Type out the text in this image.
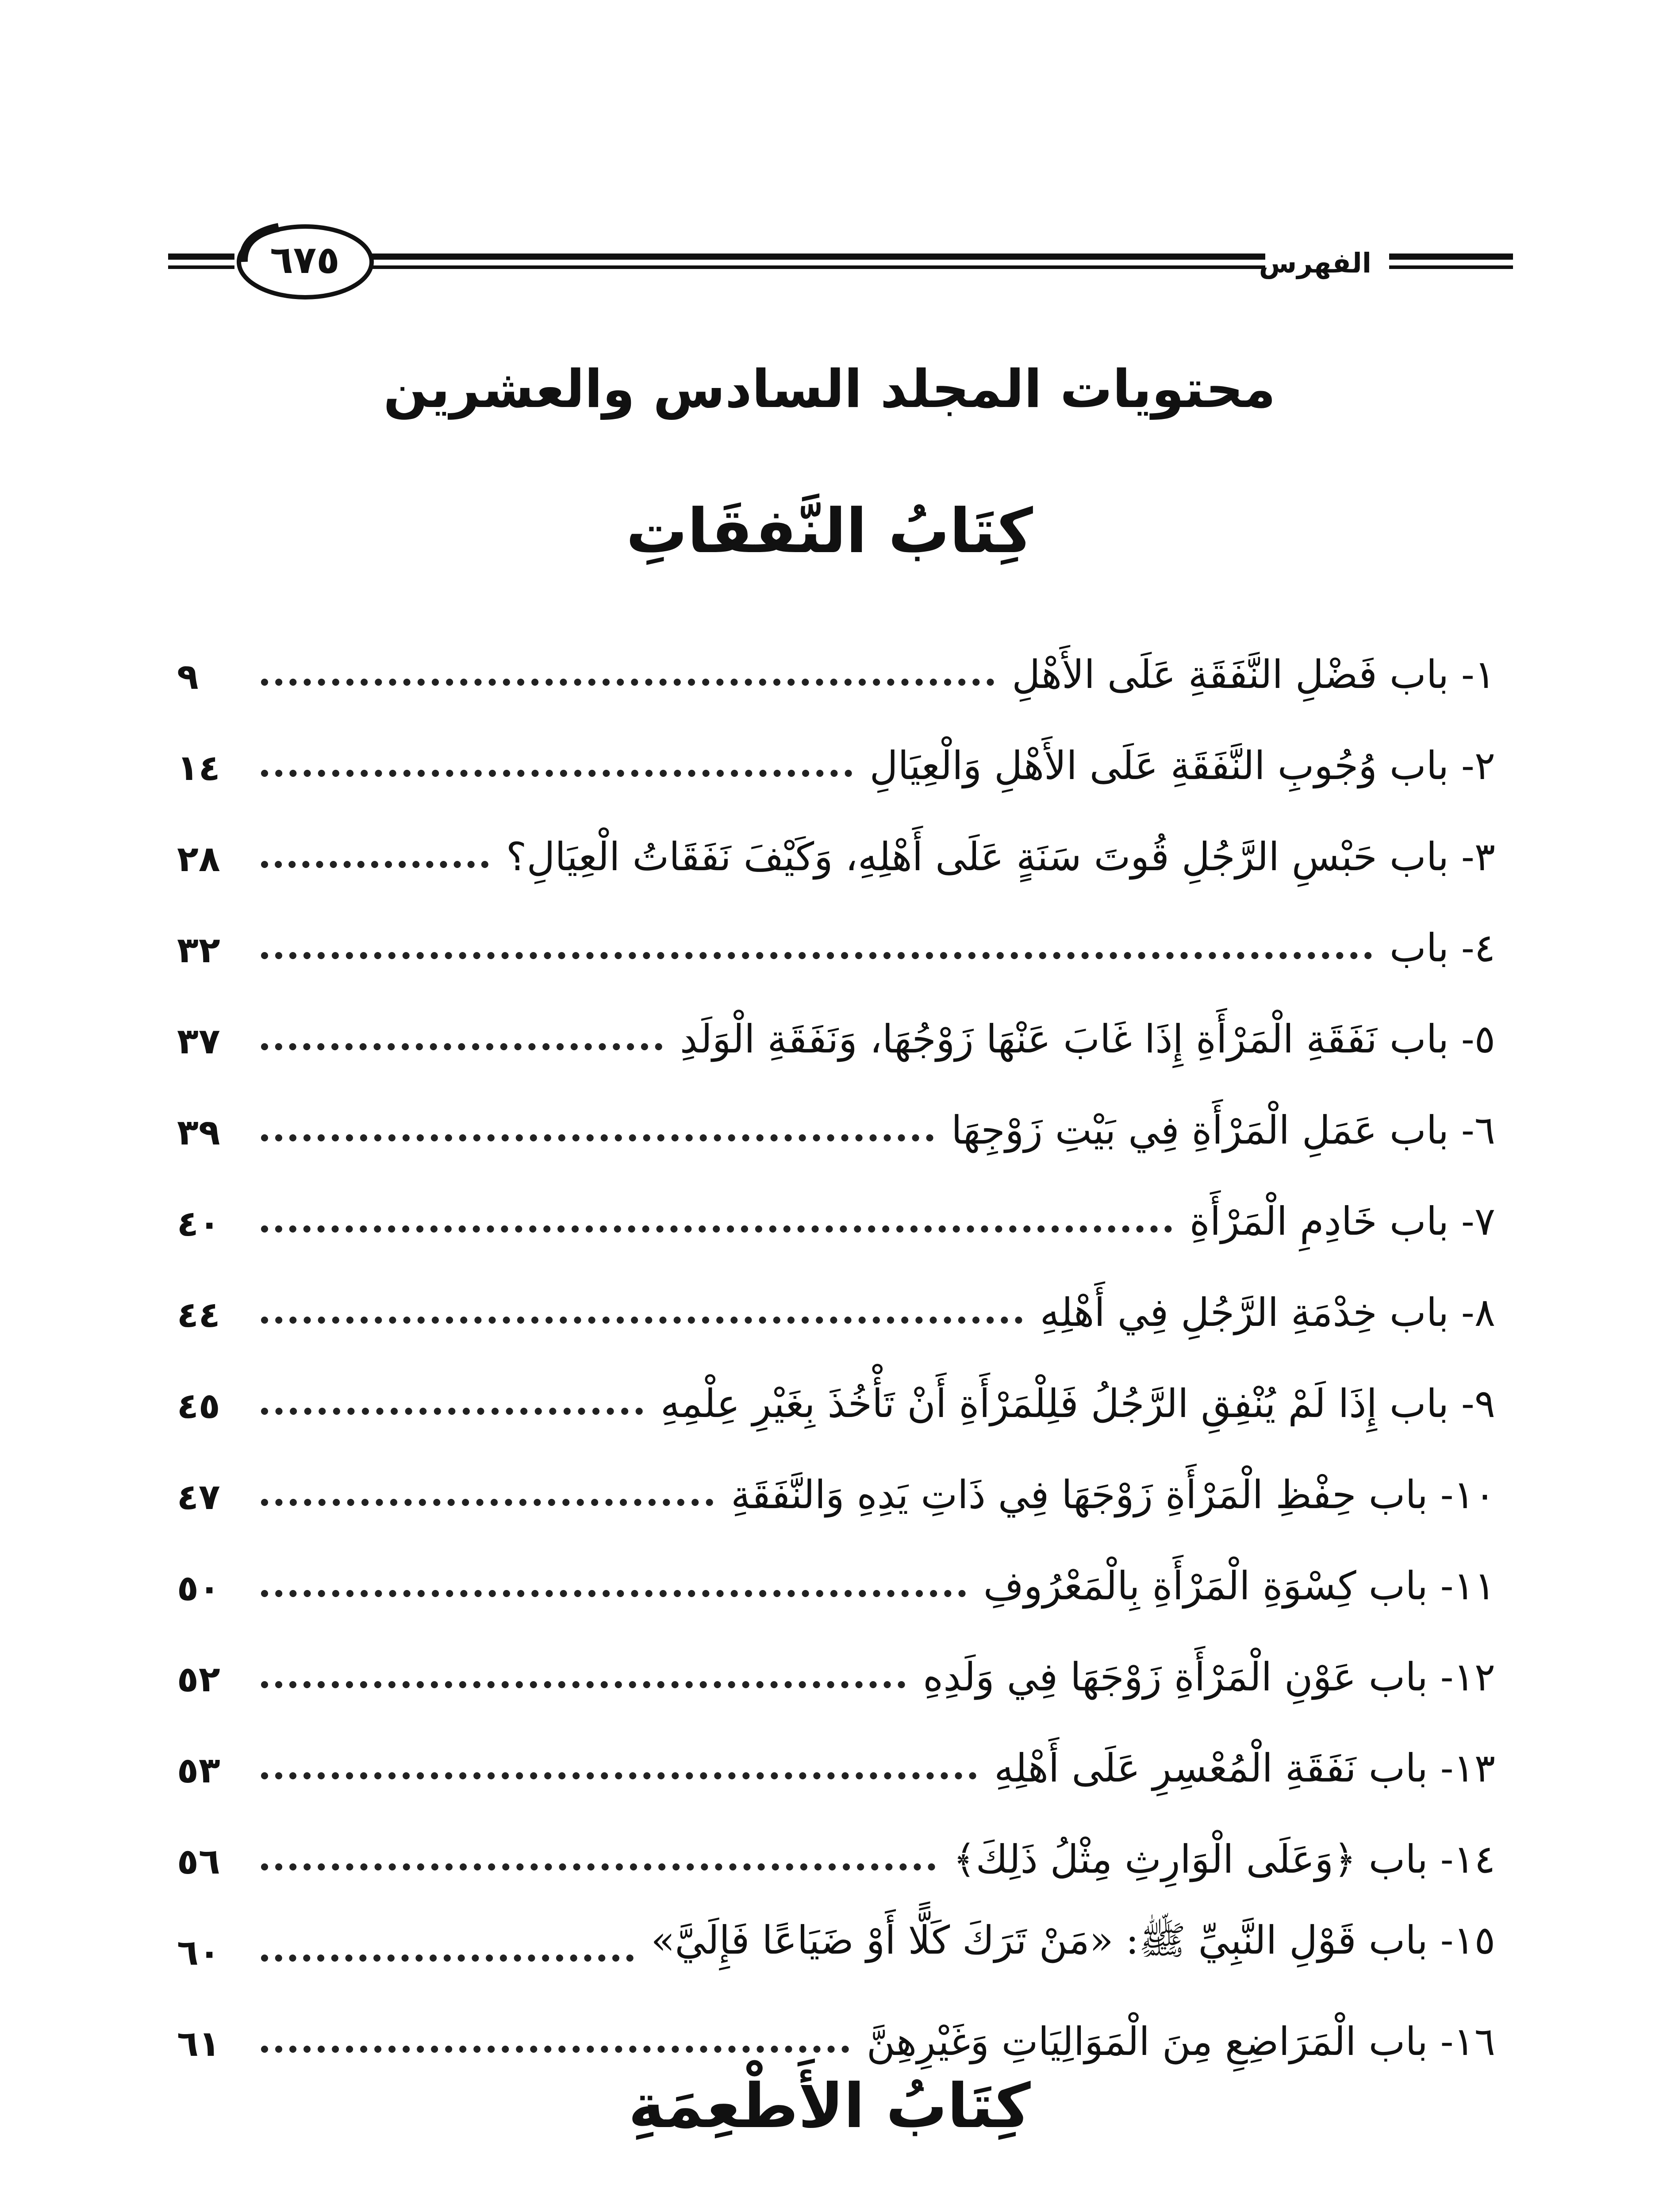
٦٧٥	الفهرس
محتويات المجلد السادس والعشرين
كِتَابُ النَّفقَاتِ
١- باب فَضْلِ النَّفَقَةِ عَلَى الأَهْلِ
٩
٢- باب وُجُوبِ النَّفَقَةِ عَلَى الأَهْلِ وَالْعِيَالِ
١٤
٣- باب حَبْسِ الرَّجُلِ قُوتَ سَنَةٍ عَلَى أَهْلِهِ، وَكَيْفَ نَفَقَاتُ الْعِيَالِ؟
٢٨
٤- باب
٣٢
٥- باب نَفَقَةِ الْمَرْأَةِ إِذَا غَابَ عَنْهَا زَوْجُهَا، وَنَفَقَةِ الْوَلَدِ
٣٧
٦- باب عَمَلِ الْمَرْأَةِ فِي بَيْتِ زَوْجِهَا
٣٩
٧- باب خَادِمِ الْمَرْأَةِ
٤٠
٨- باب خِدْمَةِ الرَّجُلِ فِي أَهْلِهِ
٤٤
٩- باب إِذَا لَمْ يُنْفِقِ الرَّجُلُ فَلِلْمَرْأَةِ أَنْ تَأْخُذَ بِغَيْرِ عِلْمِهِ
٤٥
١٠- باب حِفْظِ الْمَرْأَةِ زَوْجَهَا فِي ذَاتِ يَدِهِ وَالنَّفَقَةِ
٤٧
١١- باب كِسْوَةِ الْمَرْأَةِ بِالْمَعْرُوفِ
٥٠
١٢- باب عَوْنِ الْمَرْأَةِ زَوْجَهَا فِي وَلَدِهِ
٥٢
١٣- باب نَفَقَةِ الْمُعْسِرِ عَلَى أَهْلِهِ
٥٣
١٤- باب ﴿وَعَلَى الْوَارِثِ مِثْلُ ذَلِكَ﴾
٥٦
١٥- باب قَوْلِ النَّبِيِّ ﷺ: «مَنْ تَرَكَ كَلًّا أَوْ ضَيَاعًا فَإِلَيَّ»
٦٠
١٦- باب الْمَرَاضِعِ مِنَ الْمَوَالِيَاتِ وَغَيْرِهِنَّ
٦١
كِتَابُ الأَطْعِمَةِ
